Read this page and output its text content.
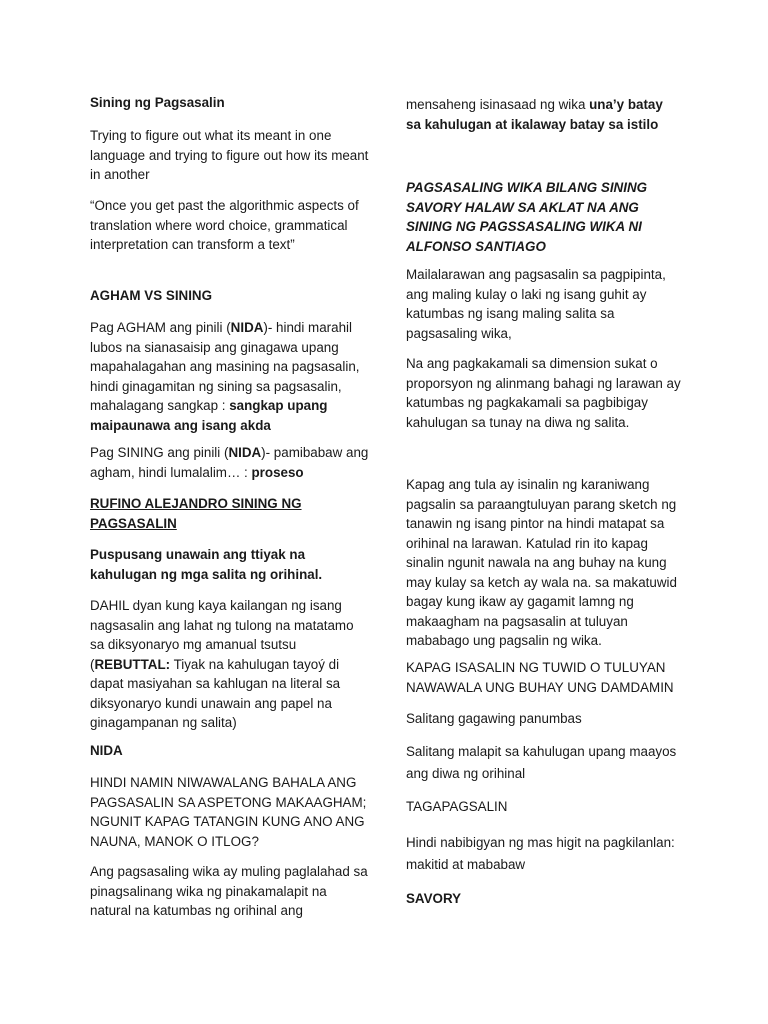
Sining ng Pagsasalin

Trying to figure out what its meant in one language and trying to figure out how its meant in another

“Once you get past the algorithmic aspects of translation where word choice, grammatical interpretation can transform a text”

AGHAM VS SINING

Pag AGHAM ang pinili (NIDA)- hindi marahil lubos na sianasaisip ang ginagawa upang mapahalagahan ang masining na pagsasalin, hindi ginagamitan ng sining sa pagsasalin, mahalagang sangkap : sangkap upang maipaunawa ang isang akda

Pag SINING ang pinili (NIDA)- pamibabaw ang agham, hindi lumalalim… : proseso

RUFINO ALEJANDRO SINING NG PAGSASALIN

Puspusang unawain ang ttiyak na kahulugan ng mga salita ng orihinal.

DAHIL dyan kung kaya kailangan ng isang nagsasalin ang lahat ng tulong na matatamo sa diksyonaryo mg amanual tsutsu (REBUTTAL: Tiyak na kahulugan tayoý di dapat masiyahan sa kahlugan na literal sa diksyonaryo kundi unawain ang papel na ginagampanan ng salita)

NIDA

HINDI NAMIN NIWAWALANG BAHALA ANG PAGSASALIN SA ASPETONG MAKAAGHAM; NGUNIT KAPAG TATANGIN KUNG ANO ANG NAUNA, MANOK O ITLOG?

Ang pagsasaling wika ay muling paglalahad sa pinagsalinang wika ng pinakamalapit na natural na katumbas ng orihinal ang

mensaheng isinasaad ng wika una’y batay sa kahulugan at ikalaway batay sa istilo

PAGSASALING WIKA BILANG SINING SAVORY HALAW SA AKLAT NA ANG SINING NG PAGSSASALING WIKA NI ALFONSO SANTIAGO

Mailalarawan ang pagsasalin sa pagpipinta, ang maling kulay o laki ng isang guhit ay katumbas ng isang maling salita sa pagsasaling wika,

Na ang pagkakamali sa dimension sukat o proporsyon ng alinmang bahagi ng larawan ay katumbas ng pagkakamali sa pagbibigay kahulugan sa tunay na diwa ng salita.

Kapag ang tula ay isinalin ng karaniwang pagsalin sa paraangtuluyan parang sketch ng tanawin ng isang pintor na hindi matapat sa orihinal na larawan. Katulad rin ito kapag sinalin ngunit nawala na ang buhay na kung may kulay sa ketch ay wala na. sa makatuwid bagay kung ikaw ay gagamit lamng ng makaagham na pagsasalin at tuluyan mababago ung pagsalin ng wika.

KAPAG ISASALIN NG TUWID O TULUYAN NAWAWALA UNG BUHAY UNG DAMDAMIN

Salitang gagawing panumbas

Salitang malapit sa kahulugan upang maayos ang diwa ng orihinal

TAGAPAGSALIN

Hindi nabibigyan ng mas higit na pagkilanlan: makitid at mababaw

SAVORY
